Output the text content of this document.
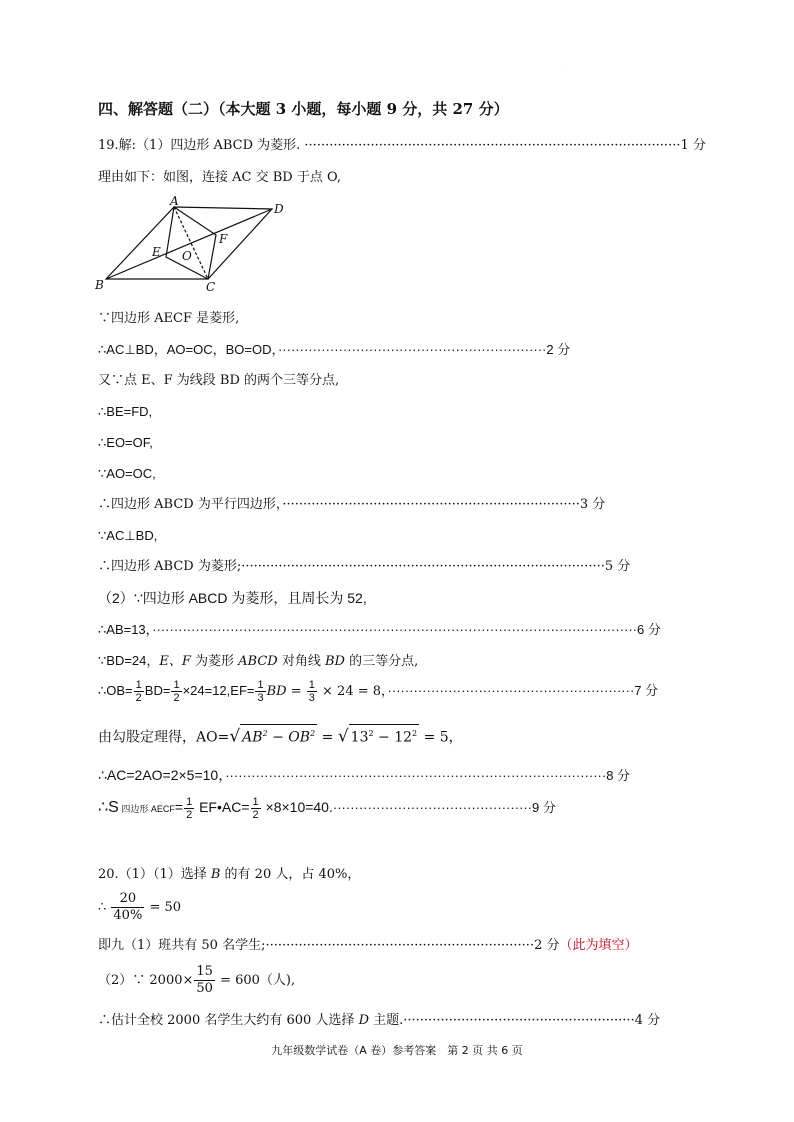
.
四、解答题（二）（本大题 3 小题，每小题 9 分，共 27 分）
19.解:（1）四边形 ABCD 为菱形. ···························································································1 分
理由如下：如图，连接 AC 交 BD 于点 O,
A
D
E
F
O
B	C
∵四边形 AECF 是菱形,
∴AC⊥BD，AO=OC，BO=OD，······························································2 分
又∵点 E、F 为线段 BD 的两个三等分点,
∴BE=FD,
∴EO=OF,
∵AO=OC,
∴四边形 ABCD 为平行四边形，········································································3 分
∵AC⊥BD,
∴四边形 ABCD 为菱形;························································································5 分
（2）∵四边形 ABCD 为菱形，且周长为 52,
∴AB=13，················································································································6 分
∵BD=24，E、F 为菱形 ABCD 对角线 BD 的三等分点,
∴OB= $\frac{1}{2} BD= \frac{1}{2} \times 24=12,EF= \frac{1}{3}$ BD = $\frac{1}{3} \times 24 = 8$，·························································7 分
由勾股定理得，AO=√ $AB^2 - OB^2$ = √ $13^2 - 12^2 = 5$，
∴AC=2AO=2×5=10，························································································8 分
∴S 四边形 AECF= $\frac{1}{2}$ EF•AC= $\frac{1}{2} \times 8\times 10=40.\cdot\cdot\cdot\cdot\cdot\cdot\cdot\cdot\cdot\cdot\cdot\cdot\cdot\cdot\cdot\cdot\cdot\cdot\cdot\cdot\cdot\cdot\cdot\cdot\cdot\cdot\cdot\cdot\cdot\cdot\cdot\cdot\cdot\cdot\cdot\cdot\cdot\cdot\cdot\cdot\cdot\cdot\cdot\cdot\cdot\cdot 9$ 分
20.（1）（1）选择 B 的有 20 人，占 40%，
∴ $\frac{20}{40\%} = 50$
即九（1）班共有 50 名学生;·································································2 分（此为填空）
（2）∵ $2000\times \frac{15}{50} = 600$（人),
∴估计全校 2000 名学生大约有 600 人选择 D 主题.························································4 分
九年级数学试卷（A 卷）参考答案　第 2 页 共 6 页
